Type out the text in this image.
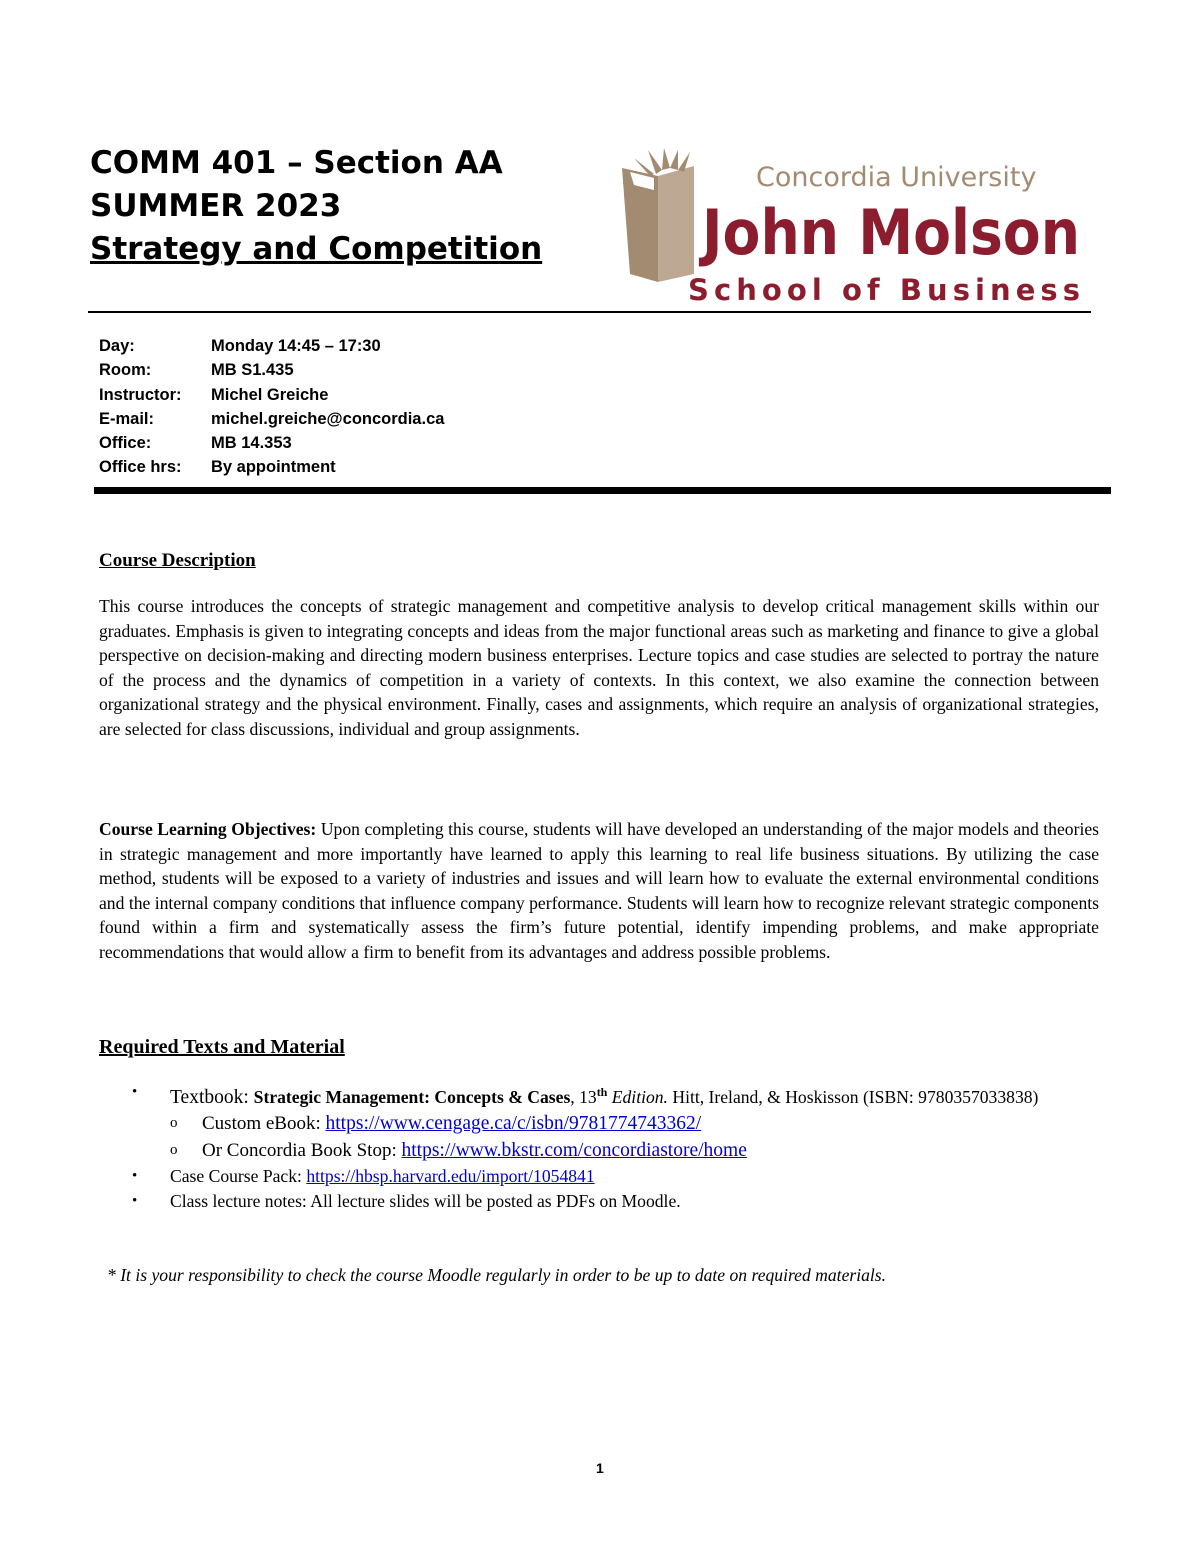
COMM 401 – Section AA
SUMMER 2023
Strategy and Competition
Concordia University
John Molson
School of Business
Day:	Monday 14:45 – 17:30
Room:	MB S1.435
Instructor:	Michel Greiche
E-mail:	michel.greiche@concordia.ca
Office:	MB 14.353
Office hrs:	By appointment
Course Description
This course introduces the concepts of strategic management and competitive analysis to develop critical management skills within our graduates. Emphasis is given to integrating concepts and ideas from the major functional areas such as marketing and finance to give a global perspective on decision-making and directing modern business enterprises. Lecture topics and case studies are selected to portray the nature of the process and the dynamics of competition in a variety of contexts. In this context, we also examine the connection between organizational strategy and the physical environment. Finally, cases and assignments, which require an analysis of organizational strategies, are selected for class discussions, individual and group assignments.
Course Learning Objectives: Upon completing this course, students will have developed an understanding of the major models and theories in strategic management and more importantly have learned to apply this learning to real life business situations. By utilizing the case method, students will be exposed to a variety of industries and issues and will learn how to evaluate the external environmental conditions and the internal company conditions that influence company performance. Students will learn how to recognize relevant strategic components found within a firm and systematically assess the firm’s future potential, identify impending problems, and make appropriate recommendations that would allow a firm to benefit from its advantages and address possible problems.
Required Texts and Material
•	Textbook: Strategic Management: Concepts & Cases, 13th Edition. Hitt, Ireland, & Hoskisson (ISBN: 9780357033838)
o	Custom eBook: https://www.cengage.ca/c/isbn/9781774743362/
o	Or Concordia Book Stop: https://www.bkstr.com/concordiastore/home
•	Case Course Pack: https://hbsp.harvard.edu/import/1054841
•	Class lecture notes: All lecture slides will be posted as PDFs on Moodle.
* It is your responsibility to check the course Moodle regularly in order to be up to date on required materials.
1
